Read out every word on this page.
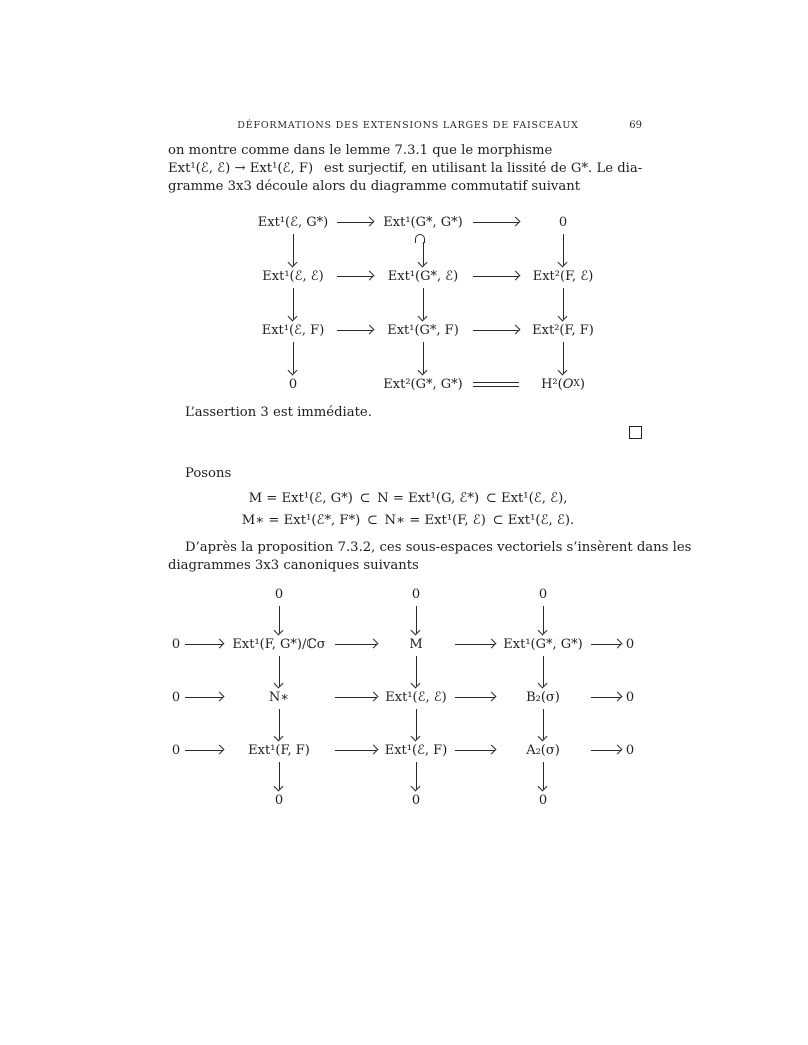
DÉFORMATIONS DES EXTENSIONS LARGES DE FAISCEAUX	69
on montre comme dans le lemme 7.3.1 que le morphisme
Ext¹(ℰ, ℰ) → Ext¹(ℰ, F)  est surjectif, en utilisant la lissité de G*. Le dia-
gramme 3x3 découle alors du diagramme commutatif suivant
Ext¹(ℰ, G*)	Ext¹(G*, G*)	0
Ext¹(ℰ, ℰ)	Ext¹(G*, ℰ)	Ext²(F, ℰ)
Ext¹(ℰ, F)	Ext¹(G*, F)	Ext²(F, F)
0	Ext²(G*, G*)	H²( O X )
L’assertion 3 est immédiate.
Posons
M = Ext¹(ℰ, G*) ⊂ N = Ext¹(G, ℰ*) ⊂ Ext¹(ℰ, ℰ),
M∗ = Ext¹(ℰ*, F*) ⊂ N∗ = Ext¹(F, ℰ) ⊂ Ext¹(ℰ, ℰ).
D’après la proposition 7.3.2, ces sous-espaces vectoriels s’insèrent dans les
diagrammes 3x3 canoniques suivants
0	0	0
0	Ext¹(F, G*)/ℂσ	M	Ext¹(G*, G*)	0
0	N∗	Ext¹(ℰ, ℰ)	B₂(σ)	0
0	Ext¹(F, F)	Ext¹(ℰ, F)	A₂(σ)	0
0	0	0
